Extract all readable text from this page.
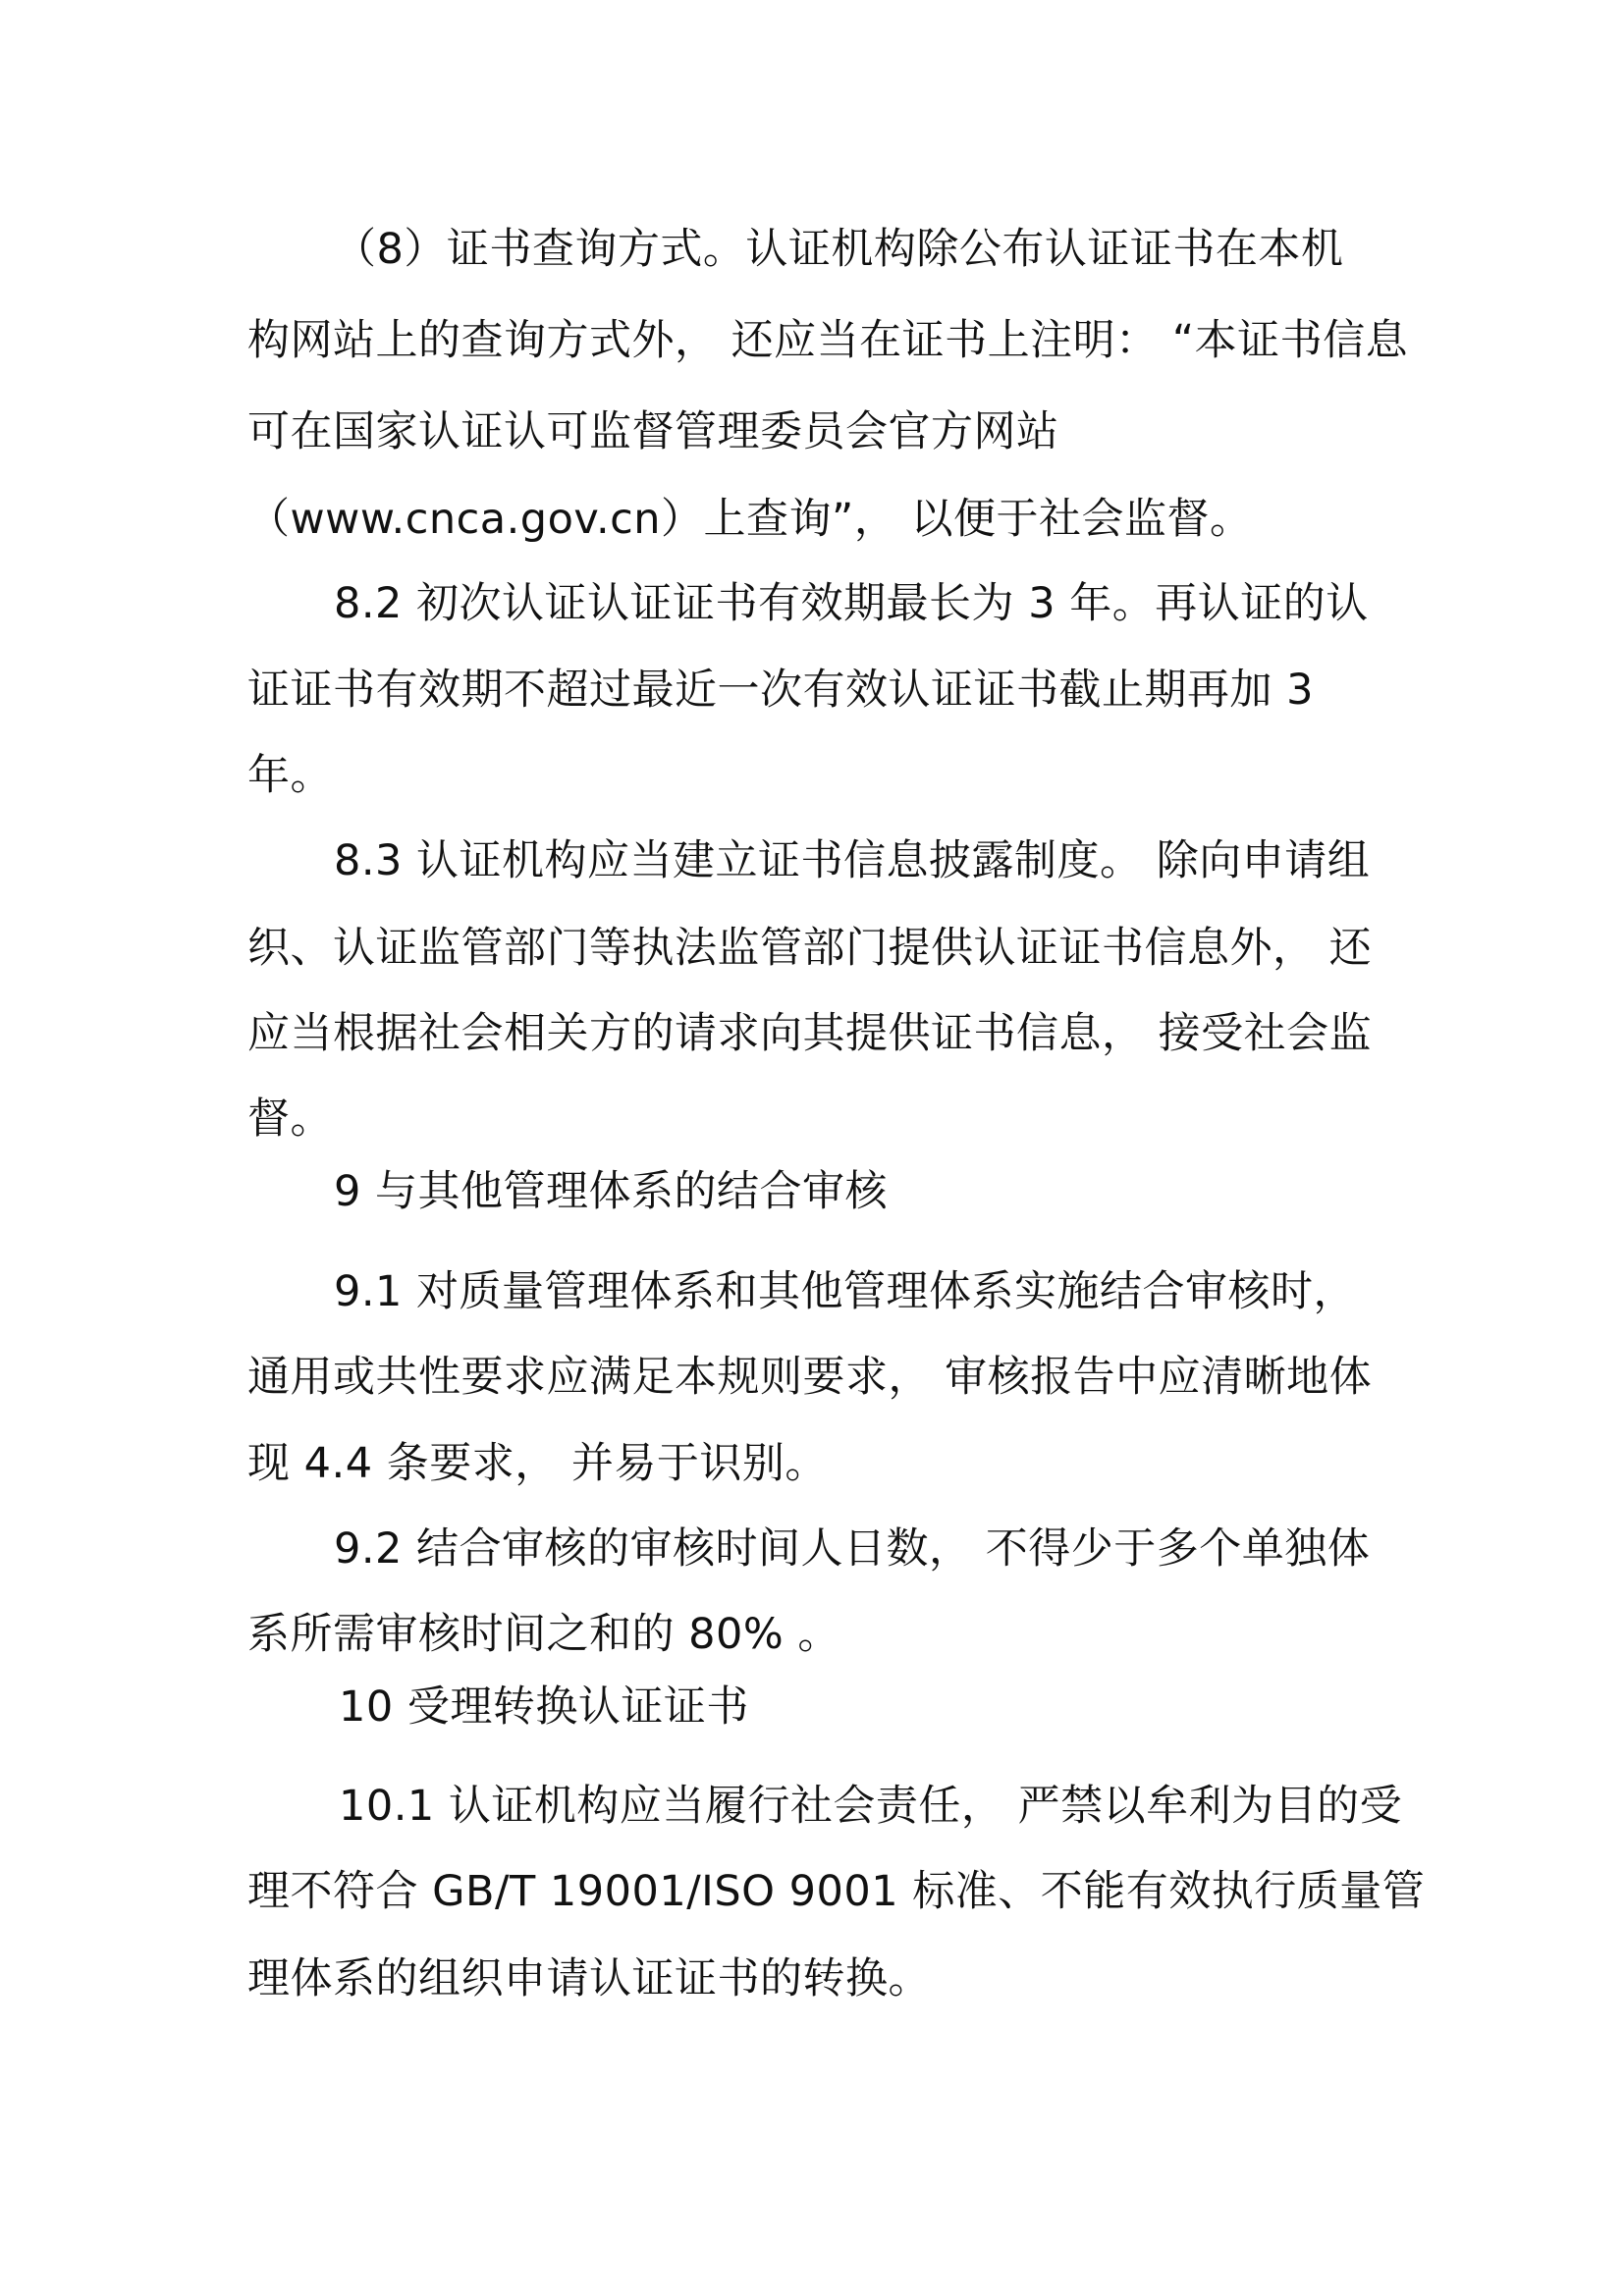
（8）证书查询方式。认证机构除公布认证证书在本机
构网站上的查询方式外， 还应当在证书上注明： “本证书信息
可在国家认证认可监督管理委员会官方网站
（www.cnca.gov.cn）上查询”， 以便于社会监督。
8.2 初次认证认证证书有效期最长为 3 年。再认证的认
证证书有效期不超过最近一次有效认证证书截止期再加 3
年。
8.3 认证机构应当建立证书信息披露制度。 除向申请组
织、认证监管部门等执法监管部门提供认证证书信息外， 还
应当根据社会相关方的请求向其提供证书信息， 接受社会监
督。
9 与其他管理体系的结合审核
9.1 对质量管理体系和其他管理体系实施结合审核时，
通用或共性要求应满足本规则要求， 审核报告中应清晰地体
现 4.4 条要求， 并易于识别。
9.2 结合审核的审核时间人日数， 不得少于多个单独体
系所需审核时间之和的 80% 。
10 受理转换认证证书
10.1 认证机构应当履行社会责任， 严禁以牟利为目的受
理不符合 GB/T 19001/ISO 9001 标准、不能有效执行质量管
理体系的组织申请认证证书的转换。
